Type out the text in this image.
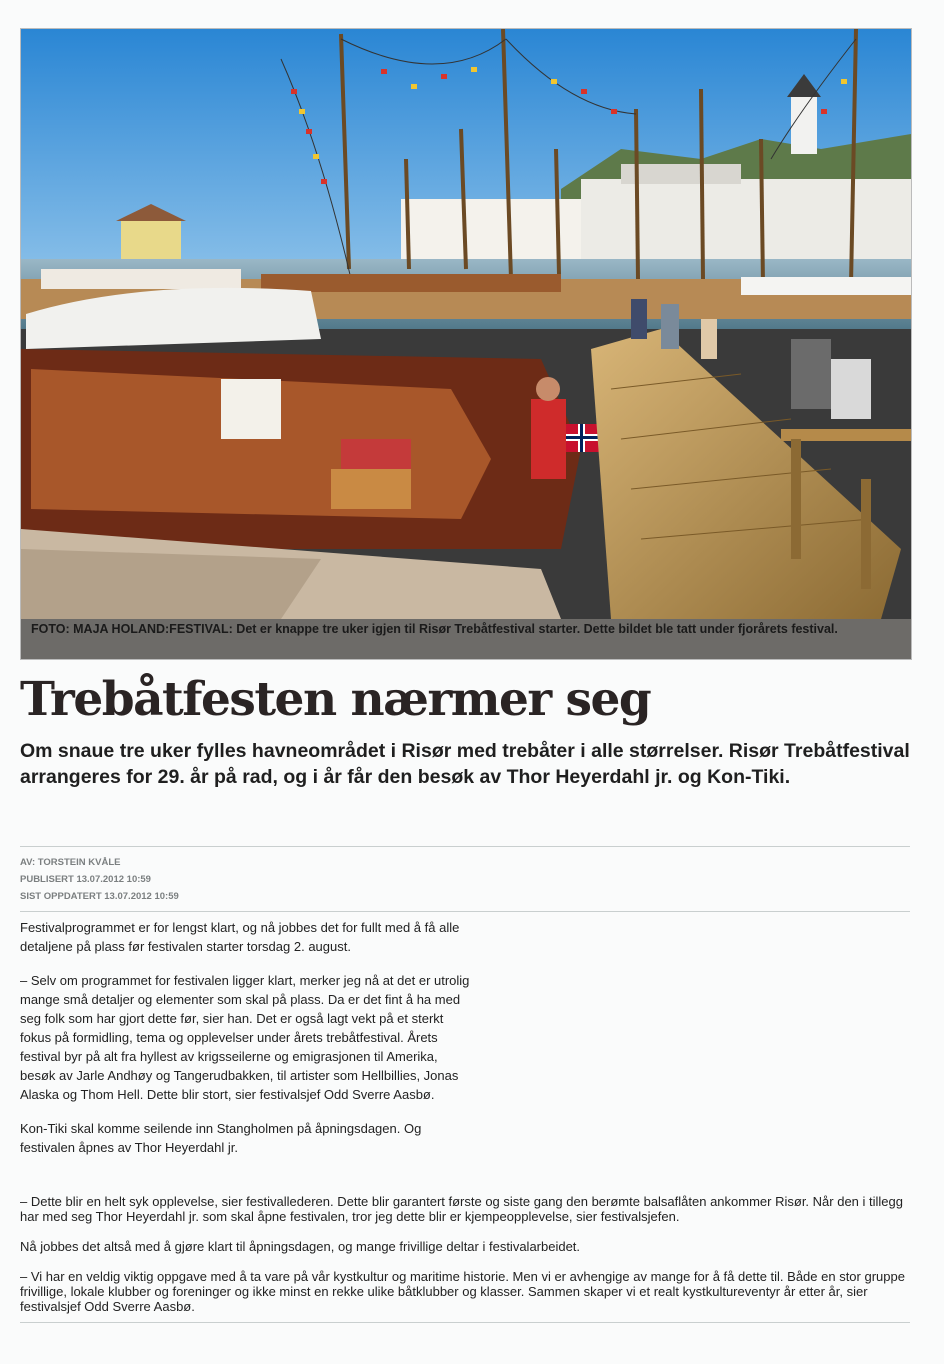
FOTO: MAJA HOLAND:FESTIVAL: Det er knappe tre uker igjen til Risør Trebåtfestival starter. Dette bildet ble tatt under fjorårets festival.
Trebåtfesten nærmer seg

Om snaue tre uker fylles havneområdet i Risør med trebåter i alle størrelser. Risør Trebåtfestival arrangeres for 29. år på rad, og i år får den besøk av Thor Heyerdahl jr. og Kon-Tiki.

AV: TORSTEIN KVÅLE
PUBLISERT 13.07.2012 10:59
SIST OPPDATERT 13.07.2012 10:59

Festivalprogrammet er for lengst klart, og nå jobbes det for fullt med å få alle detaljene på plass før festivalen starter torsdag 2. august.

– Selv om programmet for festivalen ligger klart, merker jeg nå at det er utrolig mange små detaljer og elementer som skal på plass. Da er det fint å ha med seg folk som har gjort dette før, sier han. Det er også lagt vekt på et sterkt fokus på formidling, tema og opplevelser under årets trebåtfestival. Årets festival byr på alt fra hyllest av krigsseilerne og emigrasjonen til Amerika, besøk av Jarle Andhøy og Tangerudbakken, til artister som Hellbillies, Jonas Alaska og Thom Hell. Dette blir stort, sier festivalsjef Odd Sverre Aasbø.

Kon-Tiki skal komme seilende inn Stangholmen på åpningsdagen. Og festivalen åpnes av Thor Heyerdahl jr.

– Dette blir en helt syk opplevelse, sier festivallederen. Dette blir garantert første og siste gang den berømte balsaflåten ankommer Risør. Når den i tillegg har med seg Thor Heyerdahl jr. som skal åpne festivalen, tror jeg dette blir er kjempeopplevelse, sier festivalsjefen.

Nå jobbes det altså med å gjøre klart til åpningsdagen, og mange frivillige deltar i festivalarbeidet.

– Vi har en veldig viktig oppgave med å ta vare på vår kystkultur og maritime historie. Men vi er avhengige av mange for å få dette til. Både en stor gruppe frivillige, lokale klubber og foreninger og ikke minst en rekke ulike båtklubber og klasser. Sammen skaper vi et realt kystkultureventyr år etter år, sier festivalsjef Odd Sverre Aasbø.
